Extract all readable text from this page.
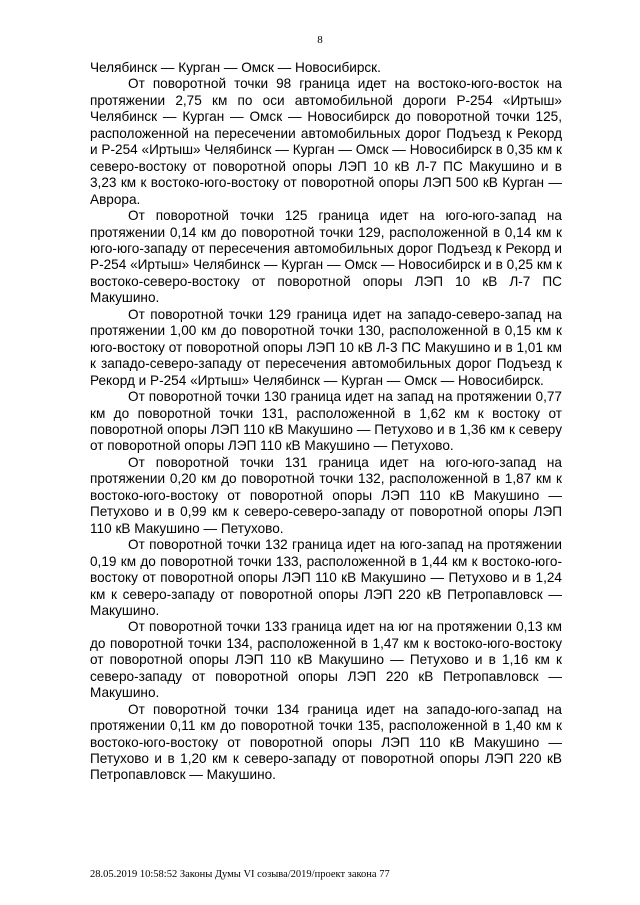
8

Челябинск — Курган — Омск — Новосибирск.

От поворотной точки 98 граница идет на востоко-юго-восток на протяжении 2,75 км по оси автомобильной дороги Р-254 «Иртыш» Челябинск — Курган — Омск — Новосибирск до поворотной точки 125, расположенной на пересечении автомобильных дорог Подъезд к Рекорд и Р-254 «Иртыш» Челябинск — Курган — Омск — Новосибирск в 0,35 км к северо-востоку от поворотной опоры ЛЭП 10 кВ Л-7 ПС Макушино и в 3,23 км к востоко-юго-востоку от поворотной опоры ЛЭП 500 кВ Курган — Аврора.

От поворотной точки 125 граница идет на юго-юго-запад на протяжении 0,14 км до поворотной точки 129, расположенной в 0,14 км к юго-юго-западу от пересечения автомобильных дорог Подъезд к Рекорд и Р-254 «Иртыш» Челябинск — Курган — Омск — Новосибирск и в 0,25 км к востоко-северо-востоку от поворотной опоры ЛЭП 10 кВ Л-7 ПС Макушино.

От поворотной точки 129 граница идет на западо-северо-запад на протяжении 1,00 км до поворотной точки 130, расположенной в 0,15 км к юго-востоку от поворотной опоры ЛЭП 10 кВ Л-3 ПС Макушино и в 1,01 км к западо-северо-западу от пересечения автомобильных дорог Подъезд к Рекорд и Р-254 «Иртыш» Челябинск — Курган — Омск — Новосибирск.

От поворотной точки 130 граница идет на запад на протяжении 0,77 км до поворотной точки 131, расположенной в 1,62 км к востоку от поворотной опоры ЛЭП 110 кВ Макушино — Петухово и в 1,36 км к северу от поворотной опоры ЛЭП 110 кВ Макушино — Петухово.

От поворотной точки 131 граница идет на юго-юго-запад на протяжении 0,20 км до поворотной точки 132, расположенной в 1,87 км к востоко-юго-востоку от поворотной опоры ЛЭП 110 кВ Макушино — Петухово и в 0,99 км к северо-северо-западу от поворотной опоры ЛЭП 110 кВ Макушино — Петухово.

От поворотной точки 132 граница идет на юго-запад на протяжении 0,19 км до поворотной точки 133, расположенной в 1,44 км к востоко-юго-востоку от поворотной опоры ЛЭП 110 кВ Макушино — Петухово и в 1,24 км к северо-западу от поворотной опоры ЛЭП 220 кВ Петропавловск — Макушино.

От поворотной точки 133 граница идет на юг на протяжении 0,13 км до поворотной точки 134, расположенной в 1,47 км к востоко-юго-востоку от поворотной опоры ЛЭП 110 кВ Макушино — Петухово и в 1,16 км к северо-западу от поворотной опоры ЛЭП 220 кВ Петропавловск — Макушино.

От поворотной точки 134 граница идет на западо-юго-запад на протяжении 0,11 км до поворотной точки 135, расположенной в 1,40 км к востоко-юго-востоку от поворотной опоры ЛЭП 110 кВ Макушино — Петухово и в 1,20 км к северо-западу от поворотной опоры ЛЭП 220 кВ Петропавловск — Макушино.

28.05.2019 10:58:52 Законы Думы VI созыва/2019/проект закона 77
